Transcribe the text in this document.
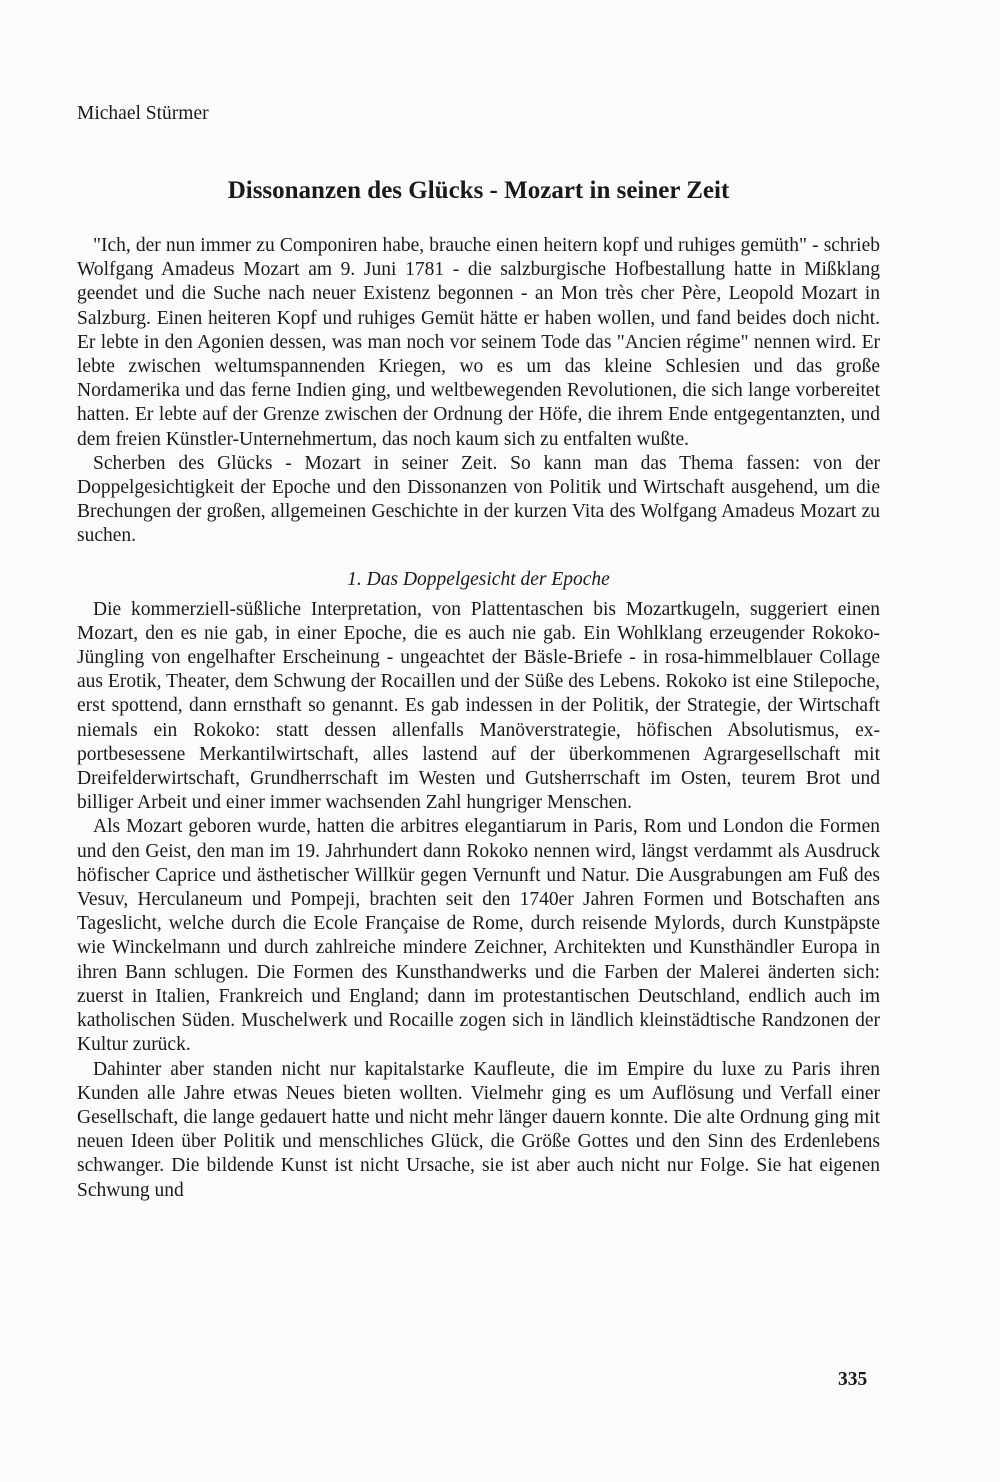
Michael Stürmer
Dissonanzen des Glücks - Mozart in seiner Zeit

"Ich, der nun immer zu Componiren habe, brauche einen heitern kopf und ruhiges gemüth" - schrieb Wolfgang Amadeus Mozart am 9. Juni 1781 - die salzburgische Hofbestallung hatte in Mißklang geendet und die Suche nach neuer Existenz begonnen - an Mon très cher Père, Leopold Mozart in Salzburg. Einen heiteren Kopf und ruhiges Gemüt hätte er haben wollen, und fand beides doch nicht. Er lebte in den Agonien dessen, was man noch vor seinem Tode das "Ancien régime" nennen wird. Er lebte zwischen weltumspannenden Kriegen, wo es um das kleine Schlesien und das große Nordamerika und das ferne Indien ging, und weltbewegenden Revolutionen, die sich lange vorbereitet hatten. Er lebte auf der Grenze zwischen der Ordnung der Höfe, die ihrem Ende entgegentanzten, und dem freien Künstler-Unternehmertum, das noch kaum sich zu entfalten wußte.

Scherben des Glücks - Mozart in seiner Zeit. So kann man das Thema fassen: von der Doppelgesichtigkeit der Epoche und den Dissonanzen von Politik und Wirtschaft ausgehend, um die Brechungen der großen, allgemeinen Geschichte in der kurzen Vita des Wolfgang Amadeus Mozart zu suchen.

1. Das Doppelgesicht der Epoche

Die kommerziell-süßliche Interpretation, von Plattentaschen bis Mozartkugeln, suggeriert einen Mozart, den es nie gab, in einer Epoche, die es auch nie gab. Ein Wohlklang erzeugender Rokoko-Jüngling von engelhafter Erscheinung - ungeachtet der Bäsle-Briefe - in rosa-himmelblauer Collage aus Erotik, Theater, dem Schwung der Rocaillen und der Süße des Lebens. Rokoko ist eine Stilepoche, erst spottend, dann ernsthaft so genannt. Es gab indessen in der Politik, der Strategie, der Wirtschaft niemals ein Rokoko: statt dessen allenfalls Manöverstrategie, höfischen Absolutismus, exportbesessene Merkantilwirtschaft, alles lastend auf der überkommenen Agrargesellschaft mit Dreifelderwirtschaft, Grundherrschaft im Westen und Gutsherrschaft im Osten, teurem Brot und billiger Arbeit und einer immer wachsenden Zahl hungriger Menschen.

Als Mozart geboren wurde, hatten die arbitres elegantiarum in Paris, Rom und London die Formen und den Geist, den man im 19. Jahrhundert dann Rokoko nennen wird, längst verdammt als Ausdruck höfischer Caprice und ästhetischer Willkür gegen Vernunft und Natur. Die Ausgrabungen am Fuß des Vesuv, Herculaneum und Pompeji, brachten seit den 1740er Jahren Formen und Botschaften ans Tageslicht, welche durch die Ecole Française de Rome, durch reisende Mylords, durch Kunstpäpste wie Winckelmann und durch zahlreiche mindere Zeichner, Architekten und Kunsthändler Europa in ihren Bann schlugen. Die Formen des Kunsthandwerks und die Farben der Malerei änderten sich: zuerst in Italien, Frankreich und England; dann im protestantischen Deutschland, endlich auch im katholischen Süden. Muschelwerk und Rocaille zogen sich in ländlich kleinstädtische Randzonen der Kultur zurück.

Dahinter aber standen nicht nur kapitalstarke Kaufleute, die im Empire du luxe zu Paris ihren Kunden alle Jahre etwas Neues bieten wollten. Vielmehr ging es um Auflösung und Verfall einer Gesellschaft, die lange gedauert hatte und nicht mehr länger dauern konnte. Die alte Ordnung ging mit neuen Ideen über Politik und menschliches Glück, die Größe Gottes und den Sinn des Erdenlebens schwanger. Die bildende Kunst ist nicht Ursache, sie ist aber auch nicht nur Folge. Sie hat eigenen Schwung und

335
